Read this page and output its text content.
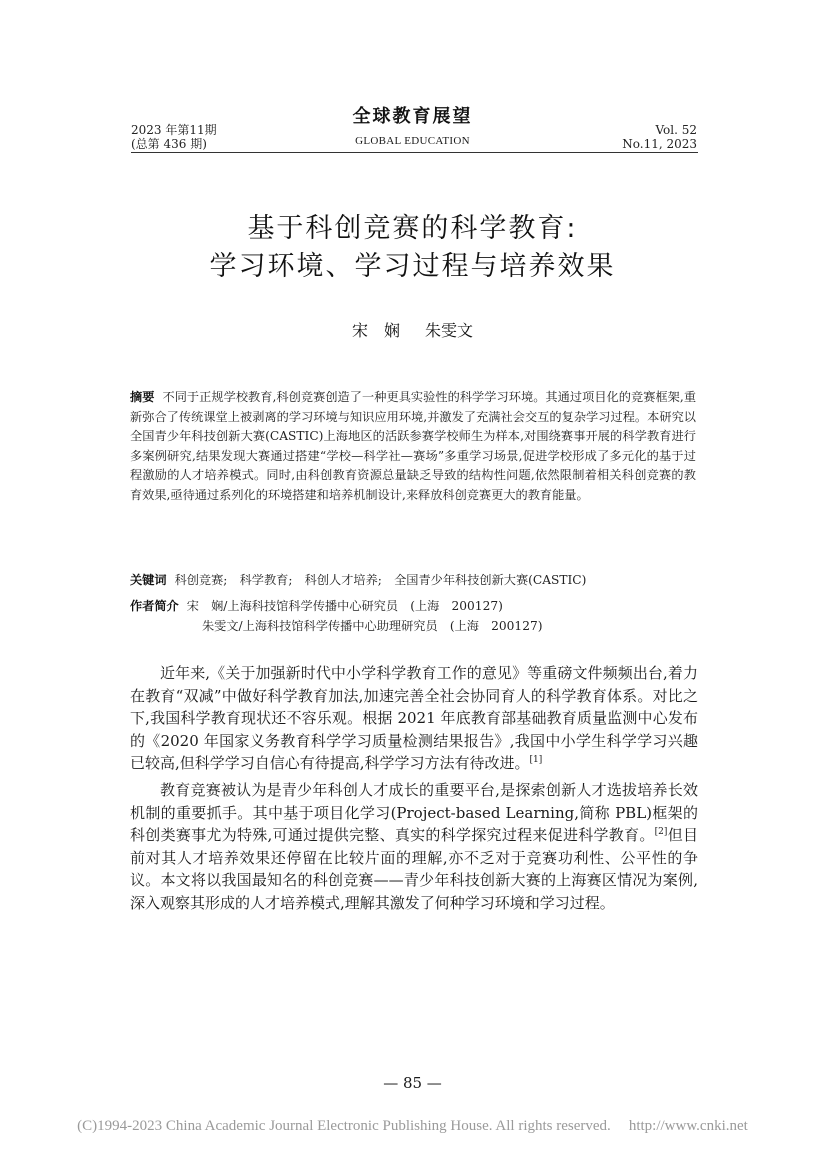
2023 年第11期
(总第 436 期)
全球教育展望
GLOBAL EDUCATION
Vol. 52
No.11, 2023
基于科创竞赛的科学教育:
学习环境、学习过程与培养效果
宋　娴 朱雯文
摘要 不同于正规学校教育,科创竞赛创造了一种更具实验性的科学学习环境。其通过项目化的竞赛框架,重新弥合了传统课堂上被剥离的学习环境与知识应用环境,并激发了充满社会交互的复杂学习过程。本研究以全国青少年科技创新大赛(CASTIC)上海地区的活跃参赛学校师生为样本,对围绕赛事开展的科学教育进行多案例研究,结果发现大赛通过搭建“学校—科学社—赛场”多重学习场景,促进学校形成了多元化的基于过程激励的人才培养模式。同时,由科创教育资源总量缺乏导致的结构性问题,依然限制着相关科创竞赛的教育效果,亟待通过系列化的环境搭建和培养机制设计,来释放科创竞赛更大的教育能量。
关键词 科创竞赛;　科学教育;　科创人才培养;　全国青少年科技创新大赛(CASTIC)
作者简介 宋　娴/上海科技馆科学传播中心研究员　(上海　200127)
朱雯文/上海科技馆科学传播中心助理研究员　(上海　200127)

近年来,《关于加强新时代中小学科学教育工作的意见》等重磅文件频频出台,着力在教育“双减”中做好科学教育加法,加速完善全社会协同育人的科学教育体系。对比之下,我国科学教育现状还不容乐观。根据 2021 年底教育部基础教育质量监测中心发布的《2020 年国家义务教育科学学习质量检测结果报告》,我国中小学生科学学习兴趣已较高,但科学学习自信心有待提高,科学学习方法有待改进。[1]

教育竞赛被认为是青少年科创人才成长的重要平台,是探索创新人才选拔培养长效机制的重要抓手。其中基于项目化学习(Project-based Learning,简称 PBL)框架的科创类赛事尤为特殊,可通过提供完整、真实的科学探究过程来促进科学教育。[2]但目前对其人才培养效果还停留在比较片面的理解,亦不乏对于竞赛功利性、公平性的争议。本文将以我国最知名的科创竞赛——青少年科技创新大赛的上海赛区情况为案例,深入观察其形成的人才培养模式,理解其激发了何种学习环境和学习过程。

— 85 —
(C)1994-2023 China Academic Journal Electronic Publishing House. All rights reserved. http://www.cnki.net
